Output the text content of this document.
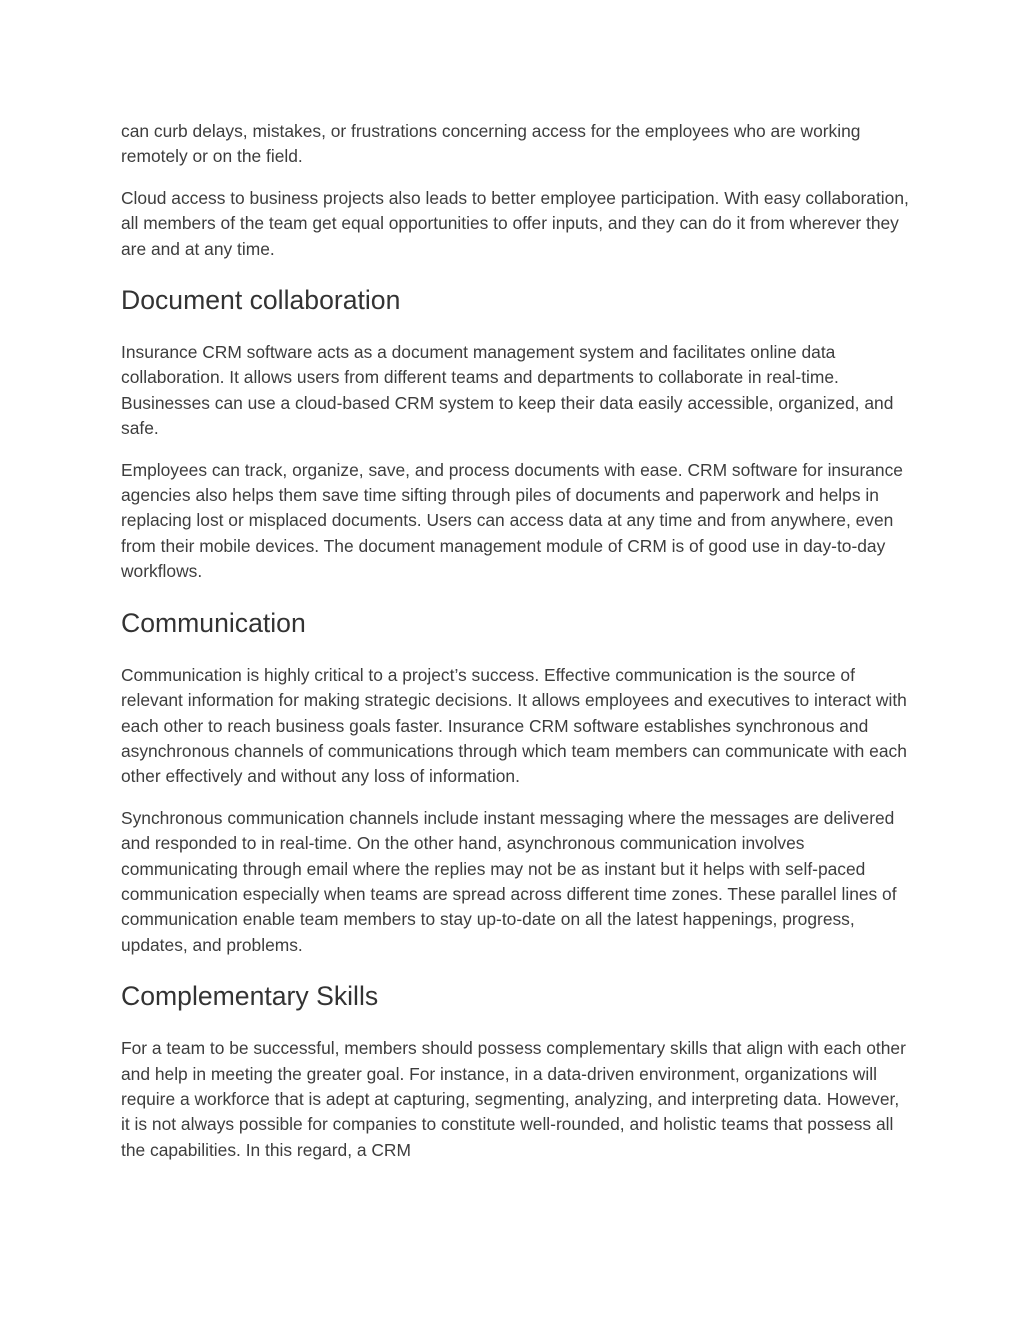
can curb delays, mistakes, or frustrations concerning access for the employees who are working remotely or on the field.

Cloud access to business projects also leads to better employee participation. With easy collaboration, all members of the team get equal opportunities to offer inputs, and they can do it from wherever they are and at any time.

Document collaboration

Insurance CRM software acts as a document management system and facilitates online data collaboration. It allows users from different teams and departments to collaborate in real-time. Businesses can use a cloud-based CRM system to keep their data easily accessible, organized, and safe.

Employees can track, organize, save, and process documents with ease. CRM software for insurance agencies also helps them save time sifting through piles of documents and paperwork and helps in replacing lost or misplaced documents. Users can access data at any time and from anywhere, even from their mobile devices. The document management module of CRM is of good use in day-to-day workflows.

Communication

Communication is highly critical to a project’s success. Effective communication is the source of relevant information for making strategic decisions. It allows employees and executives to interact with each other to reach business goals faster. Insurance CRM software establishes synchronous and asynchronous channels of communications through which team members can communicate with each other effectively and without any loss of information.

Synchronous communication channels include instant messaging where the messages are delivered and responded to in real-time. On the other hand, asynchronous communication involves communicating through email where the replies may not be as instant but it helps with self-paced communication especially when teams are spread across different time zones. These parallel lines of communication enable team members to stay up-to-date on all the latest happenings, progress, updates, and problems.

Complementary Skills

For a team to be successful, members should possess complementary skills that align with each other and help in meeting the greater goal. For instance, in a data-driven environment, organizations will require a workforce that is adept at capturing, segmenting, analyzing, and interpreting data. However, it is not always possible for companies to constitute well-rounded, and holistic teams that possess all the capabilities. In this regard, a CRM
